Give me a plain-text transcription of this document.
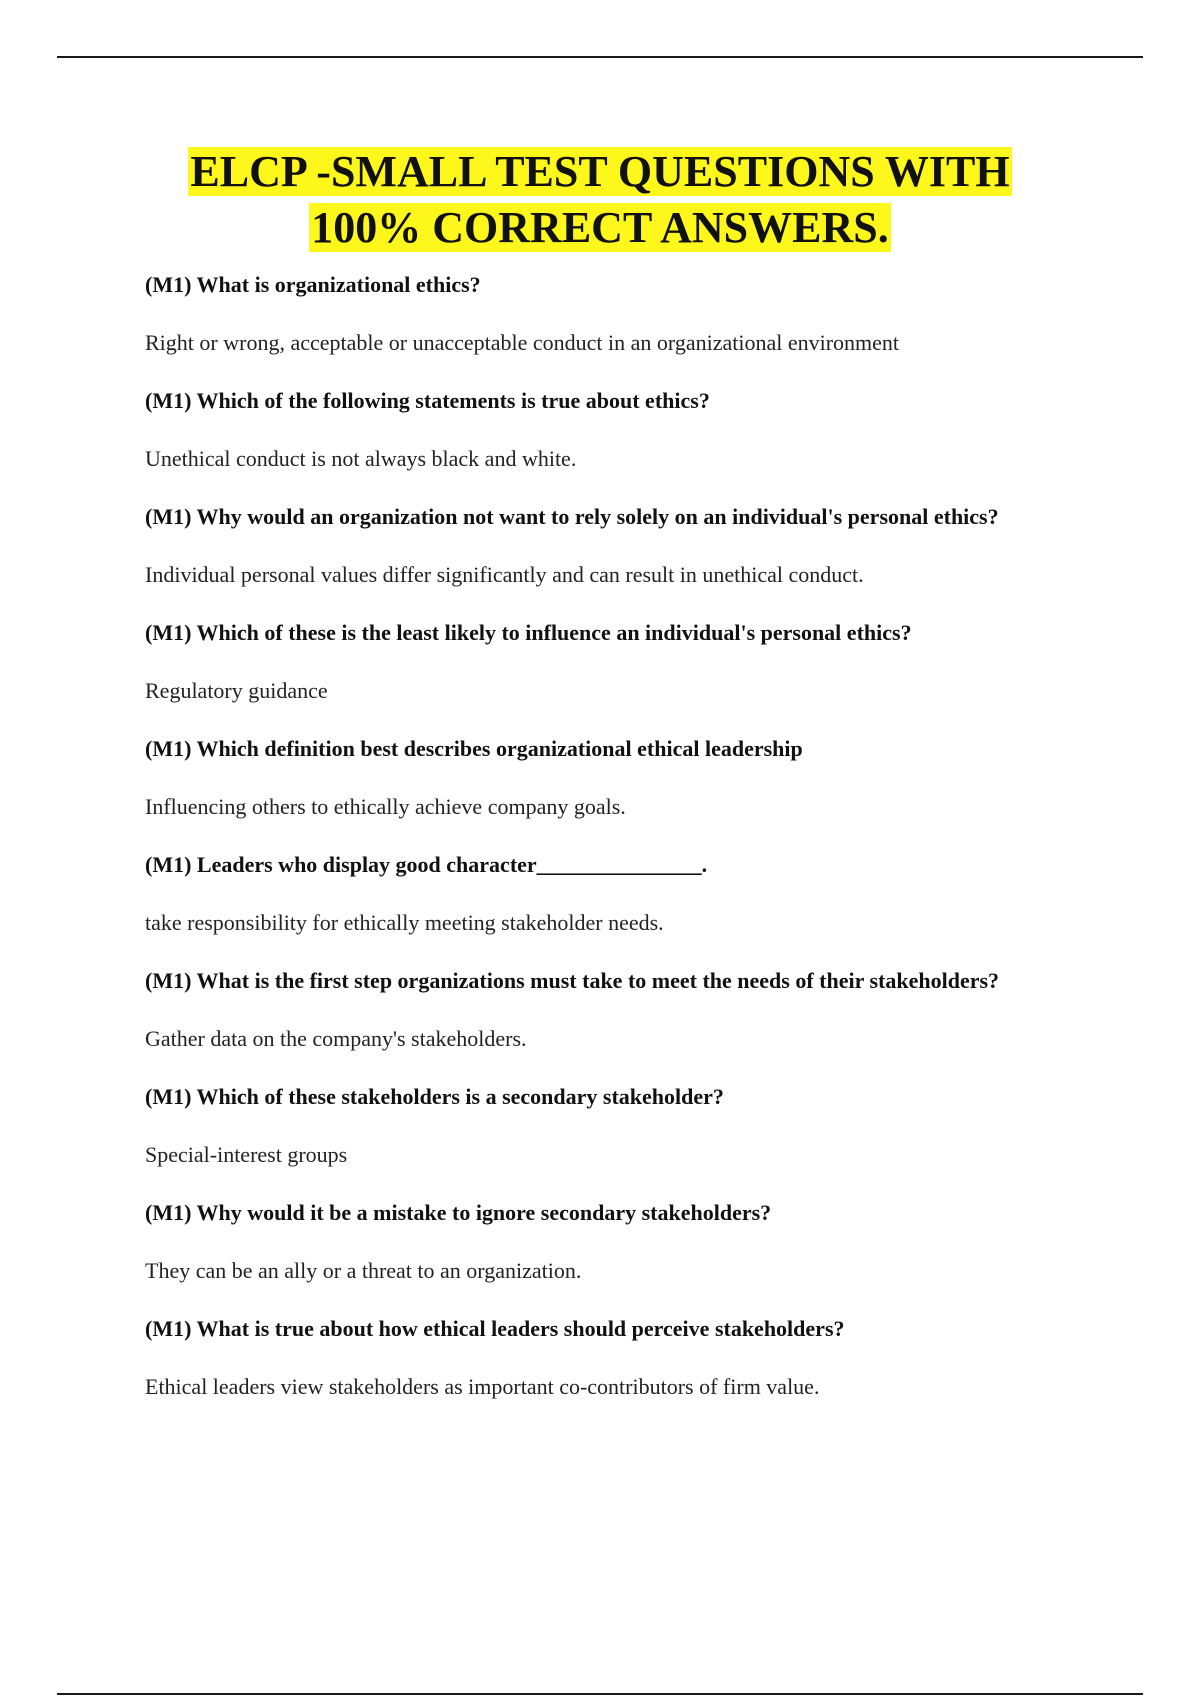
ELCP -SMALL TEST QUESTIONS WITH
100% CORRECT ANSWERS.
(M1) What is organizational ethics?
Right or wrong, acceptable or unacceptable conduct in an organizational environment
(M1) Which of the following statements is true about ethics?
Unethical conduct is not always black and white.
(M1) Why would an organization not want to rely solely on an individual's personal ethics?
Individual personal values differ significantly and can result in unethical conduct.
(M1) Which of these is the least likely to influence an individual's personal ethics?
Regulatory guidance
(M1) Which definition best describes organizational ethical leadership
Influencing others to ethically achieve company goals.
(M1) Leaders who display good character_______________.
take responsibility for ethically meeting stakeholder needs.
(M1) What is the first step organizations must take to meet the needs of their stakeholders?
Gather data on the company's stakeholders.
(M1) Which of these stakeholders is a secondary stakeholder?
Special-interest groups
(M1) Why would it be a mistake to ignore secondary stakeholders?
They can be an ally or a threat to an organization.
(M1) What is true about how ethical leaders should perceive stakeholders?
Ethical leaders view stakeholders as important co-contributors of firm value.
